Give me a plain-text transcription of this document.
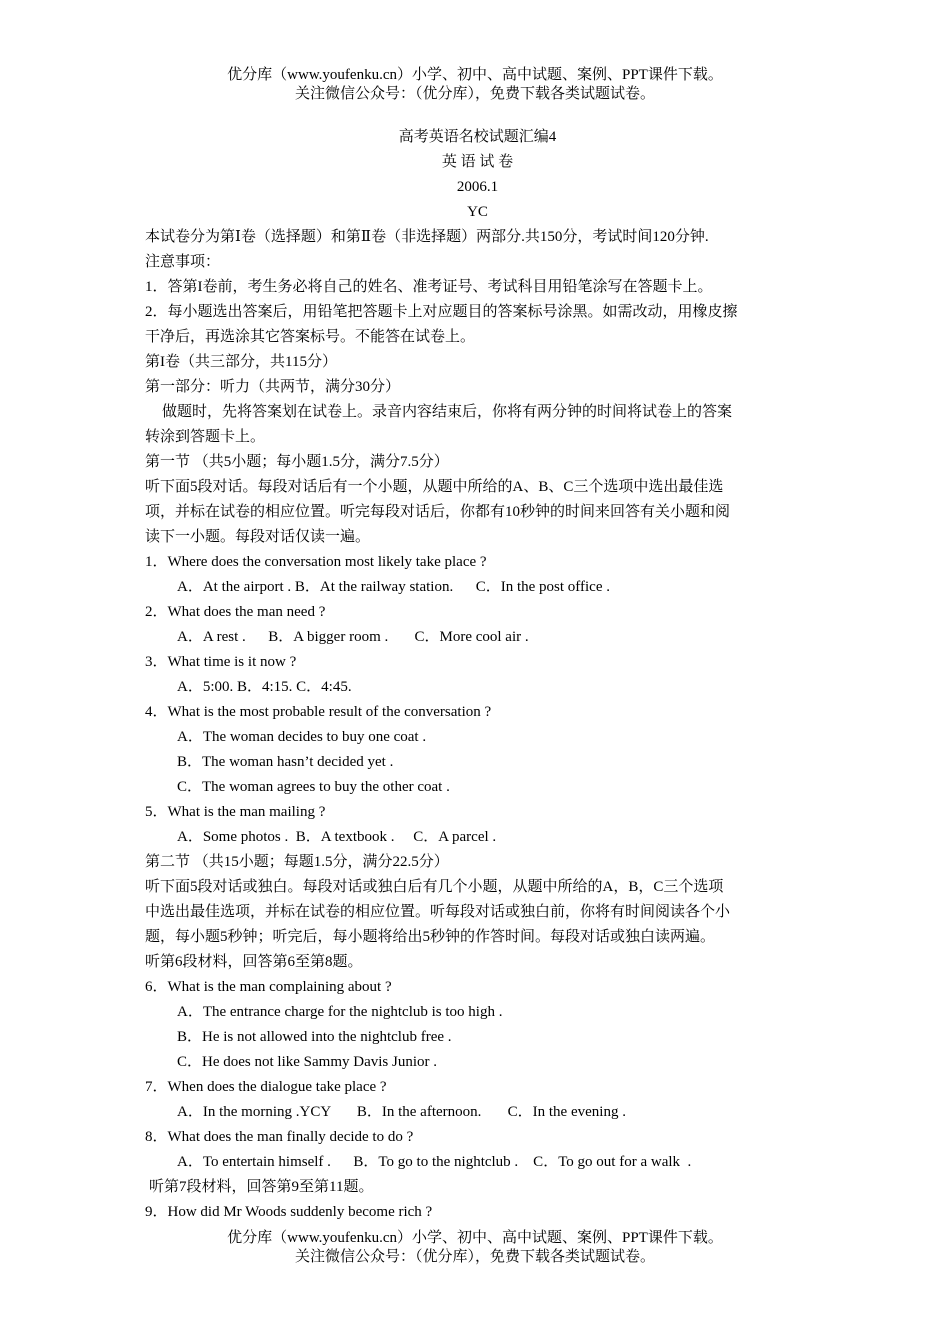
优分库（www.youfenku.cn）小学、初中、高中试题、案例、PPT课件下载。
关注微信公众号：（优分库），免费下载各类试题试卷。
高考英语名校试题汇编4
英 语 试 卷
2006.1
YC
本试卷分为第Ⅰ卷（选择题）和第Ⅱ卷（非选择题）两部分.共150分，考试时间120分钟.
注意事项：
1．答第I卷前，考生务必将自己的姓名、准考证号、考试科目用铅笔涂写在答题卡上。
2．每小题选出答案后，用铅笔把答题卡上对应题目的答案标号涂黑。如需改动，用橡皮擦
干净后，再选涂其它答案标号。不能答在试卷上。
第I卷（共三部分，共115分）
第一部分：听力（共两节，满分30分）
做题时，先将答案划在试卷上。录音内容结束后，你将有两分钟的时间将试卷上的答案
转涂到答题卡上。
第一节 （共5小题；每小题1.5分，满分7.5分）
听下面5段对话。每段对话后有一个小题，从题中所给的A、B、C三个选项中选出最佳选
项，并标在试卷的相应位置。听完每段对话后，你都有10秒钟的时间来回答有关小题和阅
读下一小题。每段对话仅读一遍。
1．Where does the conversation most likely take place ?
A．At the airport . B．At the railway station.      C．In the post office .
2．What does the man need ?
A．A rest .      B．A bigger room .       C．More cool air .
3．What time is it now ?
A．5:00. B．4:15. C．4:45.
4．What is the most probable result of the conversation ?
A．The woman decides to buy one coat .
B．The woman hasn’t decided yet .
C．The woman agrees to buy the other coat .
5．What is the man mailing ?
A．Some photos .  B．A textbook .     C．A parcel .
第二节 （共15小题；每题1.5分，满分22.5分）
听下面5段对话或独白。每段对话或独白后有几个小题，从题中所给的A，B，C三个选项
中选出最佳选项，并标在试卷的相应位置。听每段对话或独白前，你将有时间阅读各个小
题，每小题5秒钟；听完后，每小题将给出5秒钟的作答时间。每段对话或独白读两遍。
听第6段材料，回答第6至第8题。
6．What is the man complaining about ?
A．The entrance charge for the nightclub is too high .
B．He is not allowed into the nightclub free .
C．He does not like Sammy Davis Junior .
7．When does the dialogue take place ?
A．In the morning .YCY       B．In the afternoon.       C．In the evening .
8．What does the man finally decide to do ?
A．To entertain himself .      B．To go to the nightclub .    C．To go out for a walk  .
听第7段材料，回答第9至第11题。
9．How did Mr Woods suddenly become rich ?
优分库（www.youfenku.cn）小学、初中、高中试题、案例、PPT课件下载。
关注微信公众号：（优分库），免费下载各类试题试卷。
